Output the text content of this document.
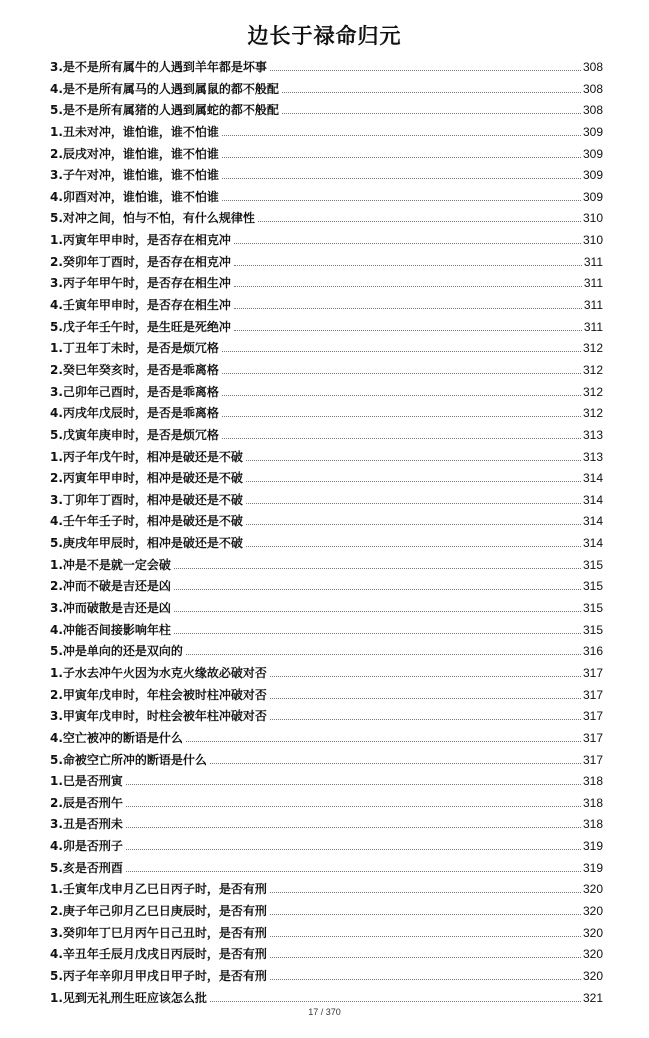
边长于禄命归元
3.是不是所有属牛的人遇到羊年都是坏事	308
4.是不是所有属马的人遇到属鼠的都不般配	308
5.是不是所有属猪的人遇到属蛇的都不般配	308
1.丑未对冲，谁怕谁，谁不怕谁	309
2.辰戌对冲，谁怕谁，谁不怕谁	309
3.子午对冲，谁怕谁，谁不怕谁	309
4.卯酉对冲，谁怕谁，谁不怕谁	309
5.对冲之间，怕与不怕，有什么规律性	310
1.丙寅年甲申时，是否存在相克冲	310
2.癸卯年丁酉时，是否存在相克冲	311
3.丙子年甲午时，是否存在相生冲	311
4.壬寅年甲申时，是否存在相生冲	311
5.戊子年壬午时，是生旺是死绝冲	311
1.丁丑年丁未时，是否是烦冗格	312
2.癸巳年癸亥时，是否是乖离格	312
3.己卯年己酉时，是否是乖离格	312
4.丙戌年戊辰时，是否是乖离格	312
5.戊寅年庚申时，是否是烦冗格	313
1.丙子年戊午时，相冲是破还是不破	313
2.丙寅年甲申时，相冲是破还是不破	314
3.丁卯年丁酉时，相冲是破还是不破	314
4.壬午年壬子时，相冲是破还是不破	314
5.庚戌年甲辰时，相冲是破还是不破	314
1.冲是不是就一定会破	315
2.冲而不破是吉还是凶	315
3.冲而破散是吉还是凶	315
4.冲能否间接影响年柱	315
5.冲是单向的还是双向的	316
1.子水去冲午火因为水克火缘故必破对否	317
2.甲寅年戊申时，年柱会被时柱冲破对否	317
3.甲寅年戊申时，时柱会被年柱冲破对否	317
4.空亡被冲的断语是什么	317
5.命被空亡所冲的断语是什么	317
1.巳是否刑寅	318
2.辰是否刑午	318
3.丑是否刑未	318
4.卯是否刑子	319
5.亥是否刑酉	319
1.壬寅年戊申月乙巳日丙子时，是否有刑	320
2.庚子年己卯月乙巳日庚辰时，是否有刑	320
3.癸卯年丁巳月丙午日己丑时，是否有刑	320
4.辛丑年壬辰月戊戌日丙辰时，是否有刑	320
5.丙子年辛卯月甲戌日甲子时，是否有刑	320
1.见到无礼刑生旺应该怎么批	321
17 / 370
